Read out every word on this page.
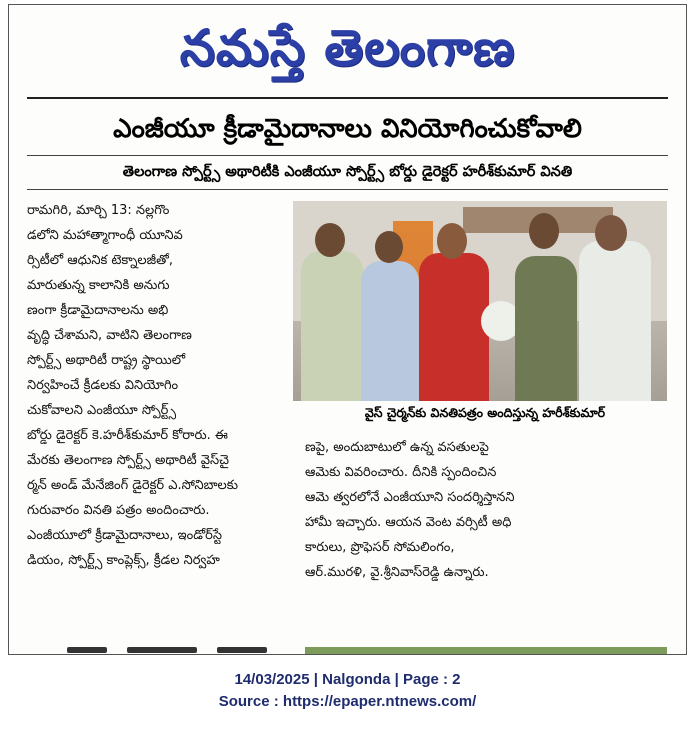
నమస్తే తెలంగాణ
ఎంజీయూ క్రీడామైదానాలు వినియోగించుకోవాలి
తెలంగాణ స్పోర్ట్స్ అథారిటీకి ఎంజీయూ స్పోర్ట్స్ బోర్డు డైరెక్టర్ హరీశ్‌కుమార్ వినతి
రామగిరి, మార్చి 13: నల్లగొం
డలోని మహాత్మాగాంధీ యూనివ
ర్సిటీలో ఆధునిక టెక్నాలజీతో,
మారుతున్న కాలానికి అనుగు
ణంగా క్రీడామైదానాలను అభి
వృద్ధి చేశామని, వాటిని తెలంగాణ
స్పోర్ట్స్ అథారిటీ రాష్ట్ర స్థాయిలో
నిర్వహించే క్రీడలకు వినియోగిం
చుకోవాలని ఎంజీయూ స్పోర్ట్స్
బోర్డు డైరెక్టర్ కె.హరీశ్‌కుమార్ కోరారు. ఈ
మేరకు తెలంగాణ స్పోర్ట్స్ అథారిటీ వైస్‌చై
ర్మన్ అండ్ మేనేజింగ్ డైరెక్టర్ ఎ.సోనిబాలకు
గురువారం వినతి పత్రం అందించారు.
ఎంజీయూలో క్రీడామైదానాలు, ఇండోర్‌స్టే
డియం, స్పోర్ట్స్ కాంప్లెక్స్, క్రీడల నిర్వహ
వైస్ చైర్మన్‌కు వినతిపత్రం అందిస్తున్న హరీశ్‌కుమార్
ణపై, అందుబాటులో ఉన్న వసతులపై
ఆమెకు వివరించారు. దీనికి స్పందించిన
ఆమె త్వరలోనే ఎంజీయూని సందర్శిస్తానని
హామీ ఇచ్చారు. ఆయన వెంట వర్సిటీ అధి
కారులు, ప్రొఫెసర్ సోమలింగం,
ఆర్.మురళి, వై.శ్రీనివాస్‌రెడ్డి ఉన్నారు.
14/03/2025 | Nalgonda | Page : 2
Source : https://epaper.ntnews.com/
